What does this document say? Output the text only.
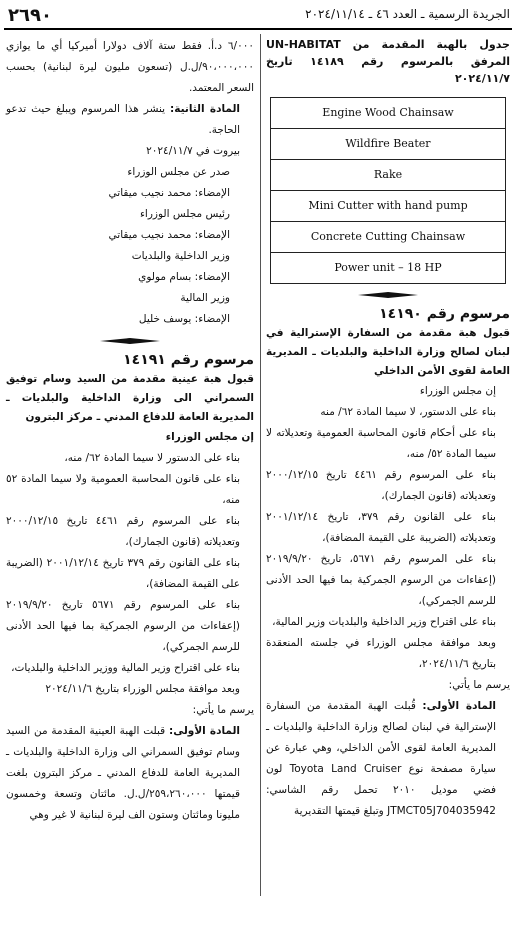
٢٦٩٠	الجريدة الرسمية ـ العدد ٤٦ ـ ٢٠٢٤/١١/١٤

جدول بالهبة المقدمة من UN-HABITAT المرفق بالمرسوم رقم ١٤١٨٩ تاريخ ٢٠٢٤/١١/٧

Engine Wood Chainsaw
Wildfire Beater
Rake
Mini Cutter with hand pump
Concrete Cutting Chainsaw
Power unit – 18 HP

مرسوم رقم ١٤١٩٠

قبول هبة مقدمة من السفارة الإسترالية في لبنان لصالح وزارة الداخلية والبلديات ـ المديرية العامة لقوى الأمن الداخلي

إن مجلس الوزراء

بناء على الدستور، لا سيما المادة ٦٢/ منه

بناء على أحكام قانون المحاسبة العمومية وتعديلاته لا سيما المادة ٥٢/ منه،

بناء على المرسوم رقم ٤٤٦١ تاريخ ٢٠٠٠/١٢/١٥ وتعديلاته (قانون الجمارك)،

بناء على القانون رقم ٣٧٩، تاريخ ٢٠٠١/١٢/١٤ وتعديلاته (الضريبة على القيمة المضافة)،

بناء على المرسوم رقم ٥٦٧١، تاريخ ٢٠١٩/٩/٢٠ (إعفاءات من الرسوم الجمركية بما فيها الحد الأدنى للرسم الجمركي)،

بناء على اقتراح وزير الداخلية والبلديات وزير المالية،

وبعد موافقة مجلس الوزراء في جلسته المنعقدة بتاريخ ٢٠٢٤/١١/٦،

يرسم ما يأتي:

المادة الأولى: قُبلت الهبة المقدمة من السفارة الإسترالية في لبنان لصالح وزارة الداخلية والبلديات ـ المديرية العامة لقوى الأمن الداخلي، وهي عبارة عن سيارة مصفحة نوع Toyota Land Cruiser لون فضي موديل ٢٠١٠ تحمل رقم الشاسي: JTMCT05J704035942 وتبلغ قيمتها التقديرية

٦/٠٠٠ د.أ. فقط ستة آلاف دولارا أميركيا أي ما يوازي ٩٠،٠٠٠،٠٠٠/ل.ل (تسعون مليون ليرة لبنانية) بحسب السعر المعتمد.

المادة الثانية: ينشر هذا المرسوم ويبلغ حيث تدعو الحاجة.

بيروت في ٢٠٢٤/١١/٧

صدر عن مجلس الوزراء

الإمضاء: محمد نجيب ميقاتي

رئيس مجلس الوزراء

الإمضاء: محمد نجيب ميقاتي

وزير الداخلية والبلديات

الإمضاء: بسام مولوي

وزير المالية

الإمضاء: يوسف خليل

مرسوم رقم ١٤١٩١

قبول هبة عينية مقدمة من السيد وسام توفيق السمراني الى وزارة الداخلية والبلديات ـ المديرية العامة للدفاع المدني ـ مركز البترون

إن مجلس الوزراء

بناء على الدستور لا سيما المادة ٦٢/ منه،

بناء على قانون المحاسبة العمومية ولا سيما المادة ٥٢ منه،

بناء على المرسوم رقم ٤٤٦١ تاريخ ٢٠٠٠/١٢/١٥ وتعديلاته (قانون الجمارك)،

بناء على القانون رقم ٣٧٩ تاريخ ٢٠٠١/١٢/١٤ (الضريبة على القيمة المضافة)،

بناء على المرسوم رقم ٥٦٧١ تاريخ ٢٠١٩/٩/٢٠ (إعفاءات من الرسوم الجمركية بما فيها الحد الأدنى للرسم الجمركي)،

بناء على اقتراح وزير المالية ووزير الداخلية والبلديات،

وبعد موافقة مجلس الوزراء بتاريخ ٢٠٢٤/١١/٦

يرسم ما يأتي:

المادة الأولى: قبلت الهبة العينية المقدمة من السيد وسام توفيق السمراني الى وزارة الداخلية والبلديات ـ المديرية العامة للدفاع المدني ـ مركز البترون بلغت قيمتها ٢٥٩،٢٦٠،٠٠٠/ل.ل. مائتان وتسعة وخمسون مليونا ومائتان وستون الف ليرة لبنانية لا غير وهي
